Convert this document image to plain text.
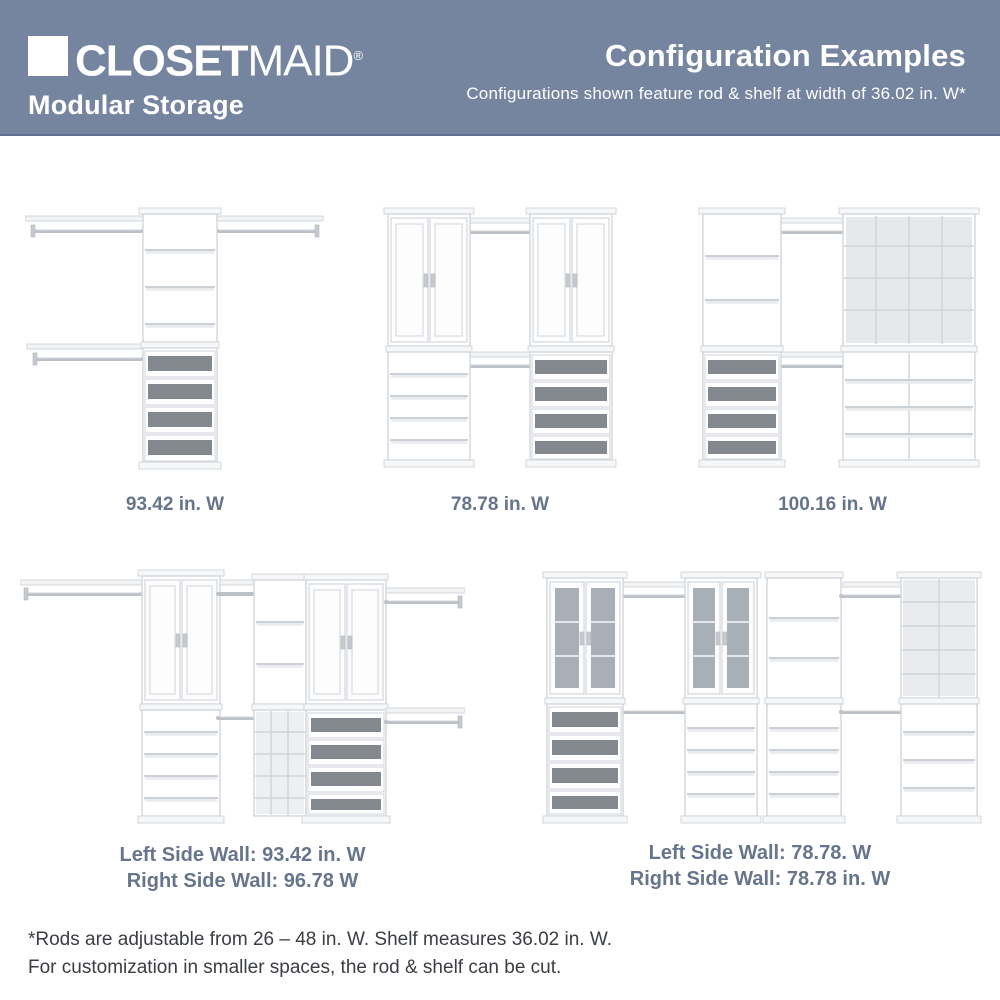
CLOSETMAID®
Modular Storage
Configuration Examples
Configurations shown feature rod & shelf at width of 36.02 in. W*
93.42 in. W	78.78 in. W	100.16 in. W
Left Side Wall: 93.42 in. W
Right Side Wall: 96.78 W
Left Side Wall: 78.78. W
Right Side Wall: 78.78 in. W
*Rods are adjustable from 26 – 48 in. W. Shelf measures 36.02 in. W.
For customization in smaller spaces, the rod & shelf can be cut.
